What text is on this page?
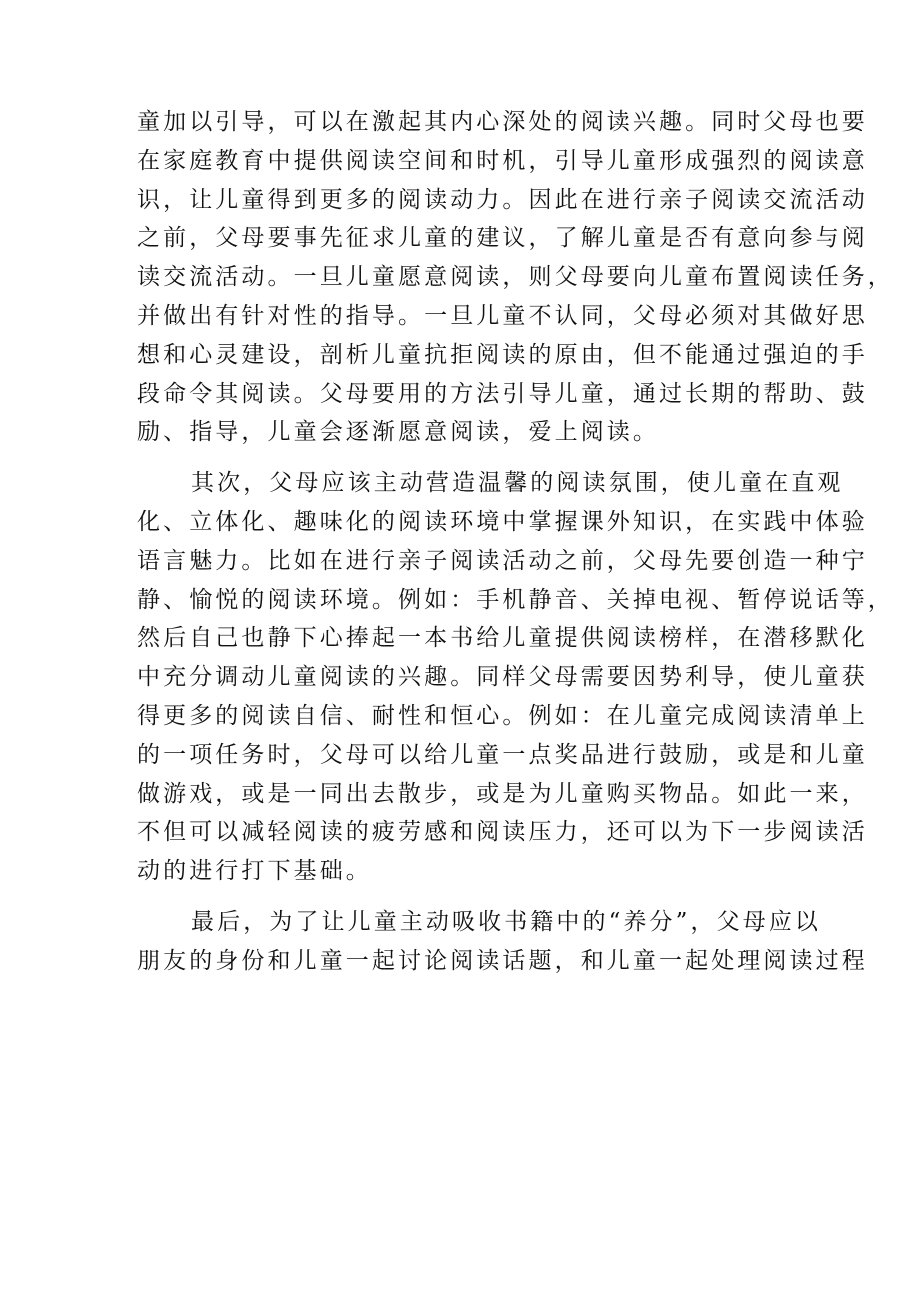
童加以引导，可以在激起其内心深处的阅读兴趣。同时父母也要
在家庭教育中提供阅读空间和时机，引导儿童形成强烈的阅读意
识，让儿童得到更多的阅读动力。因此在进行亲子阅读交流活动
之前，父母要事先征求儿童的建议，了解儿童是否有意向参与阅
读交流活动。一旦儿童愿意阅读，则父母要向儿童布置阅读任务，
并做出有针对性的指导。一旦儿童不认同，父母必须对其做好思
想和心灵建设，剖析儿童抗拒阅读的原由，但不能通过强迫的手
段命令其阅读。父母要用的方法引导儿童，通过长期的帮助、鼓
励、指导，儿童会逐渐愿意阅读，爱上阅读。
其次，父母应该主动营造温馨的阅读氛围，使儿童在直观
化、立体化、趣味化的阅读环境中掌握课外知识，在实践中体验
语言魅力。比如在进行亲子阅读活动之前，父母先要创造一种宁
静、愉悦的阅读环境。例如：手机静音、关掉电视、暂停说话等，
然后自己也静下心捧起一本书给儿童提供阅读榜样，在潜移默化
中充分调动儿童阅读的兴趣。同样父母需要因势利导，使儿童获
得更多的阅读自信、耐性和恒心。例如：在儿童完成阅读清单上
的一项任务时，父母可以给儿童一点奖品进行鼓励，或是和儿童
做游戏，或是一同出去散步，或是为儿童购买物品。如此一来，
不但可以减轻阅读的疲劳感和阅读压力，还可以为下一步阅读活
动的进行打下基础。
最后，为了让儿童主动吸收书籍中的“养分”，父母应以
朋友的身份和儿童一起讨论阅读话题，和儿童一起处理阅读过程
